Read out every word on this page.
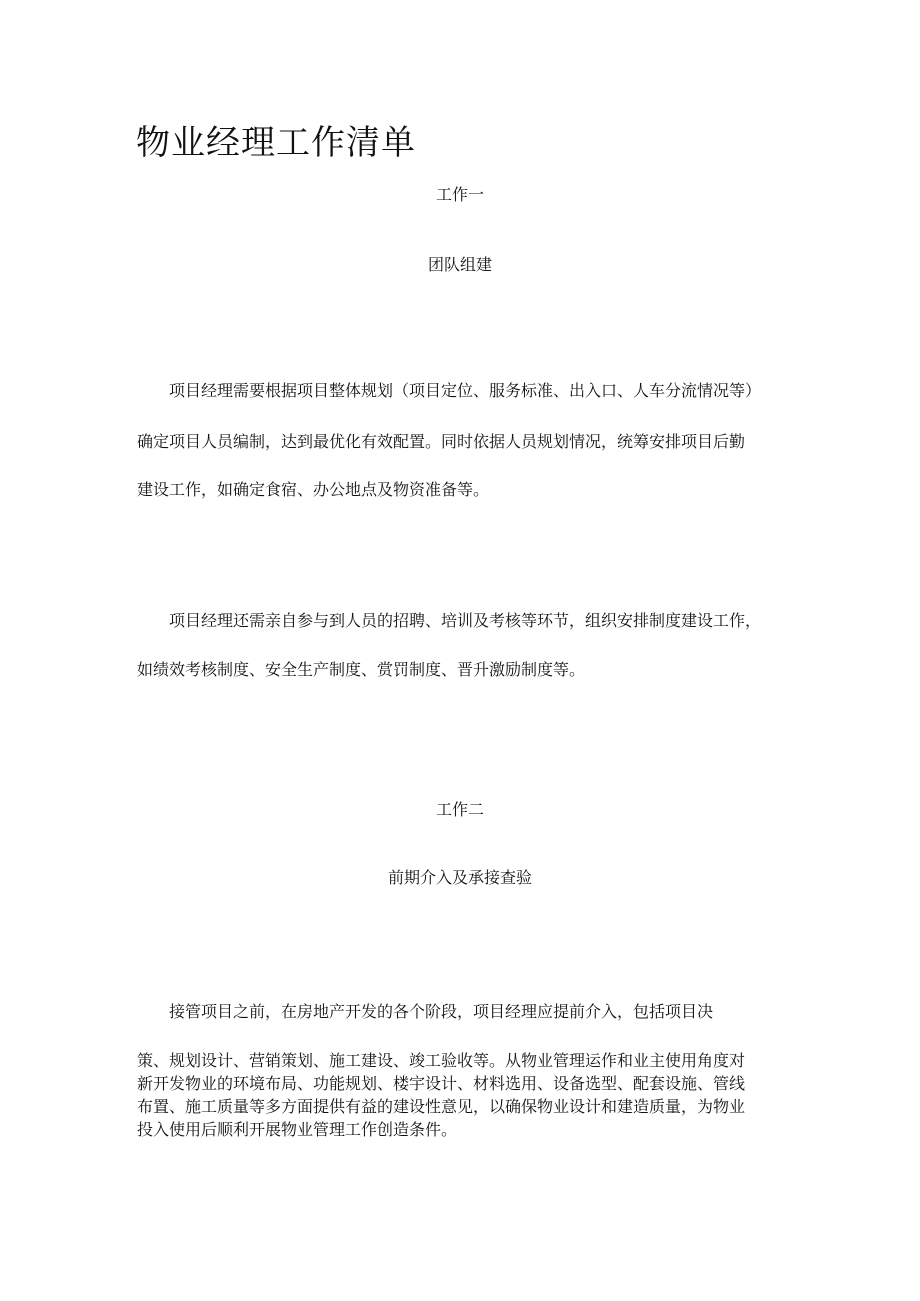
物业经理工作清单
工作一
团队组建
项目经理需要根据项目整体规划（项目定位、服务标准、出入口、人车分流情况等）
确定项目人员编制，达到最优化有效配置。同时依据人员规划情况，统筹安排项目后勤
建设工作，如确定食宿、办公地点及物资准备等。
项目经理还需亲自参与到人员的招聘、培训及考核等环节，组织安排制度建设工作，
如绩效考核制度、安全生产制度、赏罚制度、晋升激励制度等。
工作二
前期介入及承接查验
接管项目之前，在房地产开发的各个阶段，项目经理应提前介入，包括项目决
策、规划设计、营销策划、施工建设、竣工验收等。从物业管理运作和业主使用角度对
新开发物业的环境布局、功能规划、楼宇设计、材料选用、设备选型、配套设施、管线
布置、施工质量等多方面提供有益的建设性意见，以确保物业设计和建造质量，为物业
投入使用后顺利开展物业管理工作创造条件。
